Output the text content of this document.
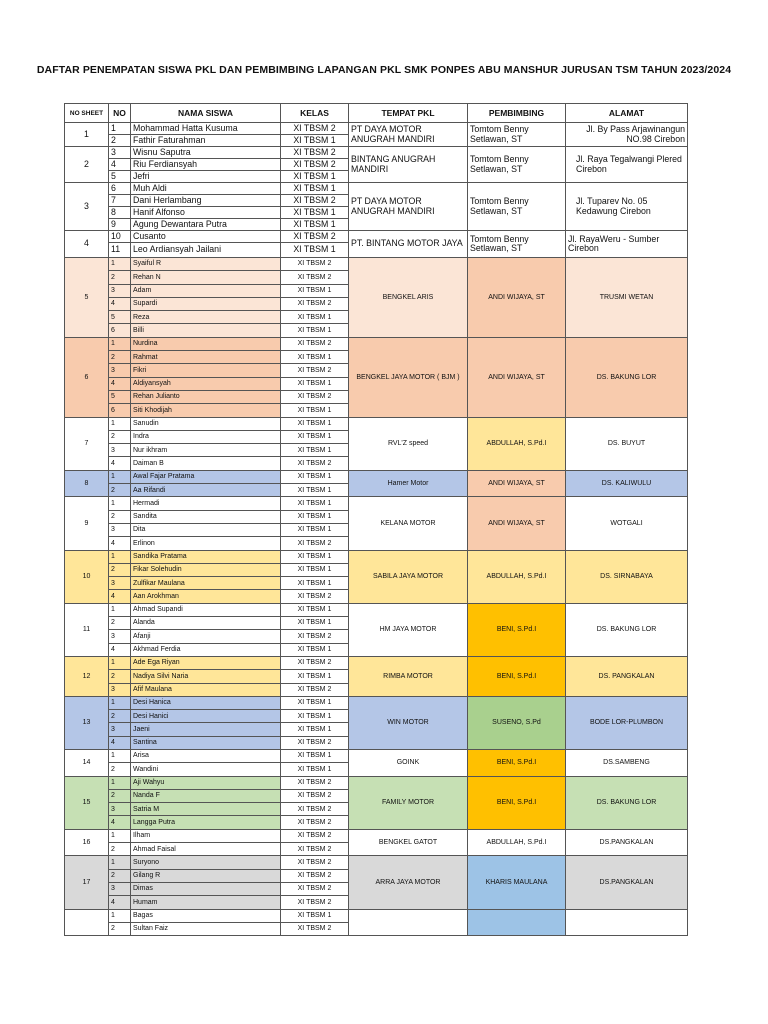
DAFTAR PENEMPATAN SISWA PKL DAN PEMBIMBING LAPANGAN PKL SMK PONPES ABU MANSHUR JURUSAN TSM TAHUN 2023/2024
NO SHEET	NO	NAMA SISWA	KELAS	TEMPAT PKL	PEMBIMBING	ALAMAT
1	1	Mohammad Hatta Kusuma	XI TBSM 2	PT DAYA MOTOR ANUGRAH MANDIRI	Tomtom Benny Setlawan, ST	Jl. By Pass Arjawinangun NO.98 Cirebon
	2	Fathir Faturahman	XI TBSM 1			
2	3	Wisnu Saputra	XI TBSM 2	BINTANG ANUGRAH MANDIRI	Tomtom Benny Setlawan, ST	Jl. Raya Tegalwangi Plered Cirebon
	4	Riu Ferdiansyah	XI TBSM 2			
	5	Jefri	XI TBSM 1			
3	6	Muh Aldi	XI TBSM 1	PT DAYA MOTOR ANUGRAH MANDIRI	Tomtom Benny Setlawan, ST	Jl. Tuparev No. 05 Kedawung Cirebon
	7	Dani Herlambang	XI TBSM 2			
	8	Hanif Alfonso	XI TBSM 1			
	9	Agung Dewantara Putra	XI TBSM 1			
4	10	Cusanto	XI TBSM 2	PT. BINTANG MOTOR JAYA	Tomtom Benny Setlawan, ST	Jl. RayaWeru - Sumber Cirebon
	11	Leo Ardiansyah Jailani	XI TBSM 1			
5	1	Syaiful R	XI TBSM 2	BENGKEL ARIS	ANDI WIJAYA, ST	TRUSMI WETAN
	2	Rehan N	XI TBSM 2			
	3	Adam	XI TBSM 1			
	4	Supardi	XI TBSM 2			
	5	Reza	XI TBSM 1			
	6	Billi	XI TBSM 1			
6	1	Nurdina	XI TBSM 2	BENGKEL JAYA MOTOR ( BJM )	ANDI WIJAYA, ST	DS. BAKUNG LOR
	2	Rahmat	XI TBSM 1			
	3	Fikri	XI TBSM 2			
	4	Aldiyansyah	XI TBSM 1			
	5	Rehan Julianto	XI TBSM 2			
	6	Siti Khodijah	XI TBSM 1			
7	1	Sanudin	XI TBSM 1	RVL'Z speed	ABDULLAH, S.Pd.I	DS. BUYUT
	2	Indra	XI TBSM 1			
	3	Nur ikhram	XI TBSM 1			
	4	Daiman B	XI TBSM 2			
8	1	Awal Fajar Pratama	XI TBSM 1	Hamer Motor	ANDI WIJAYA, ST	DS. KALIWULU
	2	Aa Rifandi	XI TBSM 1			
9	1	Hermadi	XI TBSM 1	KELANA MOTOR	ANDI WIJAYA, ST	WOTGALI
	2	Sandita	XI TBSM 1			
	3	Dita	XI TBSM 1			
	4	Erlinon	XI TBSM 2			
10	1	Sandika Pratama	XI TBSM 1	SABILA JAYA MOTOR	ABDULLAH, S.Pd.I	DS. SIRNABAYA
	2	Fikar Solehudin	XI TBSM 1			
	3	Zulfikar Maulana	XI TBSM 1			
	4	Aan Arokhman	XI TBSM 2			
11	1	Ahmad Supandi	XI TBSM 1	HM JAYA MOTOR	BENI, S.Pd.I	DS. BAKUNG LOR
	2	Alanda	XI TBSM 1			
	3	Afanji	XI TBSM 2			
	4	Akhmad Ferdia	XI TBSM 1			
12	1	Ade Ega Riyan	XI TBSM 2	RIMBA MOTOR	BENI, S.Pd.I	DS. PANGKALAN
	2	Nadiya Silvi Naria	XI TBSM 1			
	3	Afif Maulana	XI TBSM 2			
13	1	Desi Hanica	XI TBSM 1	WIN MOTOR	SUSENO, S.Pd	BODE LOR-PLUMBON
	2	Desi Hanici	XI TBSM 1			
	3	Jaeni	XI TBSM 1			
	4	Santina	XI TBSM 2			
14	1	Arisa	XI TBSM 1	GOINK	BENI, S.Pd.I	DS.SAMBENG
	2	Wandini	XI TBSM 1			
15	1	Aji Wahyu	XI TBSM 2	FAMILY MOTOR	BENI, S.Pd.I	DS. BAKUNG LOR
	2	Nanda F	XI TBSM 2			
	3	Satria M	XI TBSM 2			
	4	Langga Putra	XI TBSM 2			
16	1	Ilham	XI TBSM 2	BENGKEL GATOT	ABDULLAH, S.Pd.I	DS.PANGKALAN
	2	Ahmad Faisal	XI TBSM 2			
17	1	Suryono	XI TBSM 2	ARRA JAYA MOTOR	KHARIS MAULANA	DS.PANGKALAN
	2	Gilang R	XI TBSM 2			
	3	Dimas	XI TBSM 2			
	4	Humam	XI TBSM 2			
	1	Bagas	XI TBSM 1			
	2	Sultan Faiz	XI TBSM 2			
